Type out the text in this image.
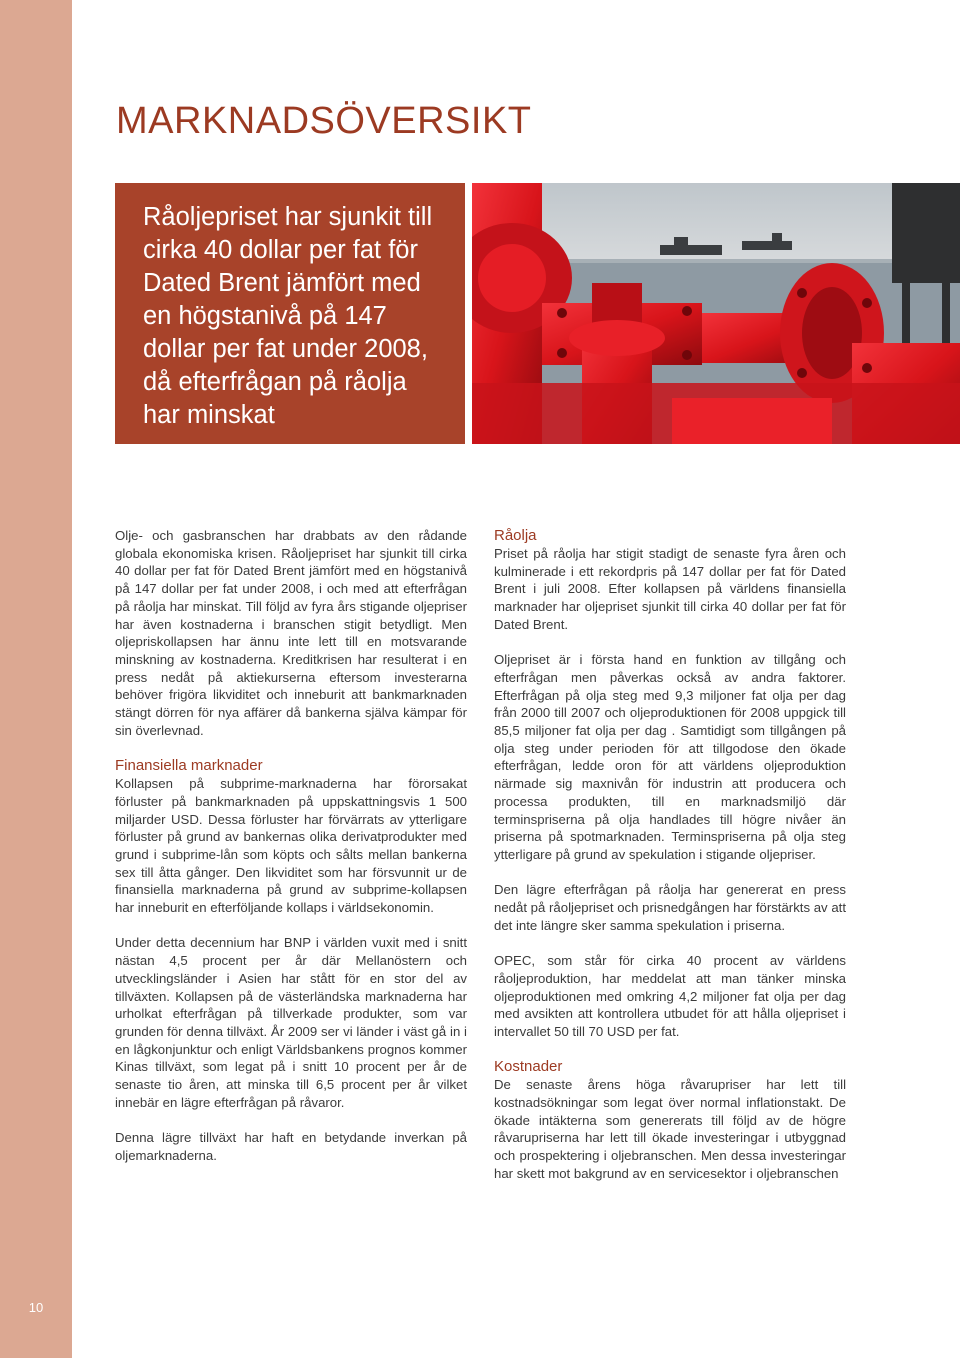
10
MARKNADSÖVERSIKT
Råoljepriset har sjunkit till cirka 40 dollar per fat för Dated Brent jämfört med en högstanivå på 147 dollar per fat under 2008, då efterfrågan på råolja har minskat

Olje- och gasbranschen har drabbats av den rådande globala ekonomiska krisen. Råoljepriset har sjunkit till cirka 40 dollar per fat för Dated Brent jämfört med en högstanivå på 147 dollar per fat under 2008, i och med att efterfrågan på råolja har minskat. Till följd av fyra års stigande oljepriser har även kostnaderna i branschen stigit betydligt. Men oljepriskollapsen har ännu inte lett till en motsvarande minskning av kostnaderna. Kreditkrisen har resulterat i en press nedåt på aktiekurserna eftersom investerarna behöver frigöra likviditet och inneburit att bankmarknaden stängt dörren för nya affärer då bankerna själva kämpar för sin överlevnad.

Finansiella marknader

Kollapsen på subprime-marknaderna har förorsakat förluster på bankmarknaden på uppskattningsvis 1 500 miljarder USD. Dessa förluster har förvärrats av ytterligare förluster på grund av bankernas olika derivatprodukter med grund i subprime-lån som köpts och sålts mellan bankerna sex till åtta gånger. Den likviditet som har försvunnit ur de finansiella marknaderna på grund av subprime-kollapsen har inneburit en efterföljande kollaps i världsekonomin.

Under detta decennium har BNP i världen vuxit med i snitt nästan 4,5 procent per år där Mellanöstern och utvecklingsländer i Asien har stått för en stor del av tillväxten. Kollapsen på de västerländska marknaderna har urholkat efterfrågan på tillverkade produkter, som var grunden för denna tillväxt. År 2009 ser vi länder i väst gå in i en lågkonjunktur och enligt Världsbankens prognos kommer Kinas tillväxt, som legat på i snitt 10 procent per år de senaste tio åren, att minska till 6,5 procent per år vilket innebär en lägre efterfrågan på råvaror.

Denna lägre tillväxt har haft en betydande inverkan på oljemarknaderna.

Råolja

Priset på råolja har stigit stadigt de senaste fyra åren och kulminerade i ett rekordpris på 147 dollar per fat för Dated Brent i juli 2008. Efter kollapsen på världens finansiella marknader har oljepriset sjunkit till cirka 40 dollar per fat för Dated Brent.

Oljepriset är i första hand en funktion av tillgång och efterfrågan men påverkas också av andra faktorer. Efterfrågan på olja steg med 9,3 miljoner fat olja per dag från 2000 till 2007 och oljeproduktionen för 2008 uppgick till 85,5 miljoner fat olja per dag . Samtidigt som tillgången på olja steg under perioden för att tillgodose den ökade efterfrågan, ledde oron för att världens oljeproduktion närmade sig maxnivån för industrin att producera och processa produkten, till en marknadsmiljö där terminspriserna på olja handlades till högre nivåer än priserna på spotmarknaden. Terminspriserna på olja steg ytterligare på grund av spekulation i stigande oljepriser.

Den lägre efterfrågan på råolja har genererat en press nedåt på råoljepriset och prisnedgången har förstärkts av att det inte längre sker samma spekulation i priserna.

OPEC, som står för cirka 40 procent av världens råoljeproduktion, har meddelat att man tänker minska oljeproduktionen med omkring 4,2 miljoner fat olja per dag med avsikten att kontrollera utbudet för att hålla oljepriset i intervallet 50 till 70 USD per fat.

Kostnader

De senaste årens höga råvarupriser har lett till kostnadsökningar som legat över normal inflationstakt. De ökade intäkterna som genererats till följd av de högre råvarupriserna har lett till ökade investeringar i utbyggnad och prospektering i oljebranschen. Men dessa investeringar har skett mot bakgrund av en servicesektor i oljebranschen
